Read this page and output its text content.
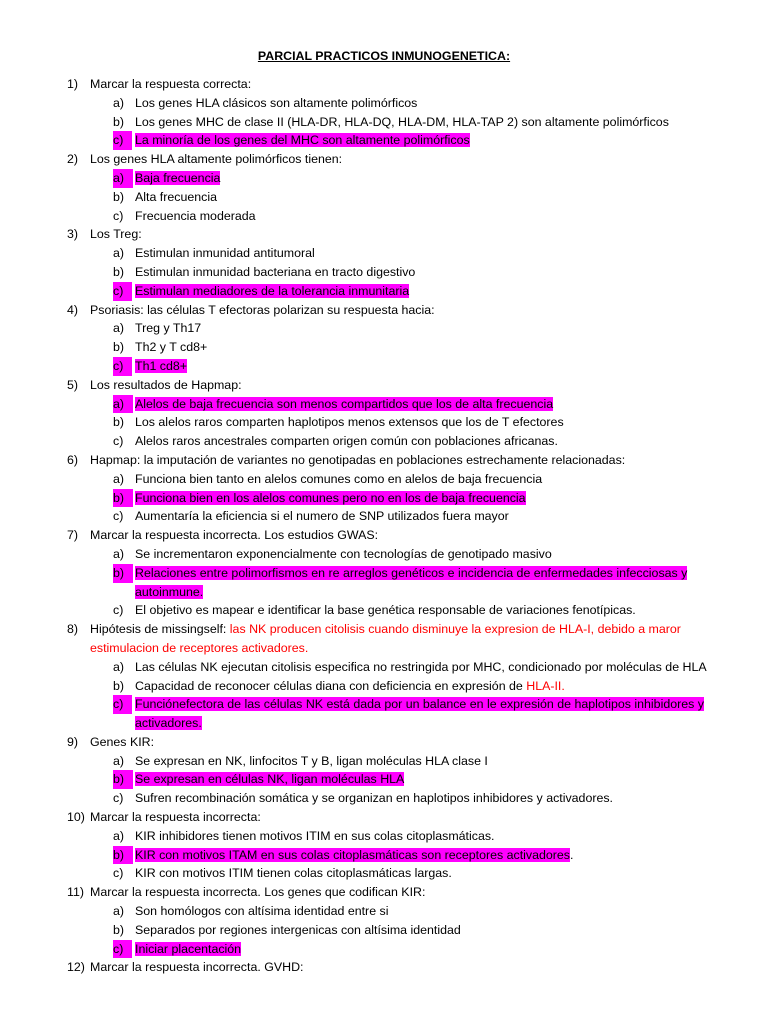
PARCIAL PRACTICOS INMUNOGENETICA:
1) Marcar la respuesta correcta:
a) Los genes HLA clásicos son altamente polimórficos
b) Los genes MHC de clase II (HLA-DR, HLA-DQ, HLA-DM, HLA-TAP 2) son altamente polimórficos
c) La minoría de los genes del MHC son altamente polimórficos
2) Los genes HLA altamente polimórficos tienen:
a) Baja frecuencia
b) Alta frecuencia
c) Frecuencia moderada
3) Los Treg:
a) Estimulan inmunidad antitumoral
b) Estimulan inmunidad bacteriana en tracto digestivo
c) Estimulan mediadores de la tolerancia inmunitaria
4) Psoriasis: las células T efectoras polarizan su respuesta hacia:
a) Treg y Th17
b) Th2 y T cd8+
c) Th1 cd8+
5) Los resultados de Hapmap:
a) Alelos de baja frecuencia son menos compartidos que los de alta frecuencia
b) Los alelos raros comparten haplotipos menos extensos que los de T efectores
c) Alelos raros ancestrales comparten origen común con poblaciones africanas.
6) Hapmap: la imputación de variantes no genotipadas en poblaciones estrechamente relacionadas:
a) Funciona bien tanto en alelos comunes como en alelos de baja frecuencia
b) Funciona bien en los alelos comunes pero no en los de baja frecuencia
c) Aumentaría la eficiencia si el numero de SNP utilizados fuera mayor
7) Marcar la respuesta incorrecta. Los estudios GWAS:
a) Se incrementaron exponencialmente con tecnologías de genotipado masivo
b) Relaciones entre polimorfismos en re arreglos genéticos e incidencia de enfermedades infecciosas y autoinmune.
c) El objetivo es mapear e identificar la base genética responsable de variaciones fenotípicas.
8) Hipótesis de missingself: las NK producen citolisis cuando disminuye la expresion de HLA-I, debido a maror estimulacion de receptores activadores.
a) Las células NK ejecutan citolisis especifica no restringida por MHC, condicionado por moléculas de HLA
b) Capacidad de reconocer células diana con deficiencia en expresión de HLA-II.
c) Funciónefectora de las células NK está dada por un balance en le expresión de haplotipos inhibidores y activadores.
9) Genes KIR:
a) Se expresan en NK, linfocitos T y B, ligan moléculas HLA clase I
b) Se expresan en células NK, ligan moléculas HLA
c) Sufren recombinación somática y se organizan en haplotipos inhibidores y activadores.
10) Marcar la respuesta incorrecta:
a) KIR inhibidores tienen motivos ITIM en sus colas citoplasmáticas.
b) KIR con motivos ITAM en sus colas citoplasmáticas son receptores activadores.
c) KIR con motivos ITIM tienen colas citoplasmáticas largas.
11) Marcar la respuesta incorrecta. Los genes que codifican KIR:
a) Son homólogos con altísima identidad entre si
b) Separados por regiones intergenicas con altísima identidad
c) Iniciar placentación
12) Marcar la respuesta incorrecta. GVHD:
